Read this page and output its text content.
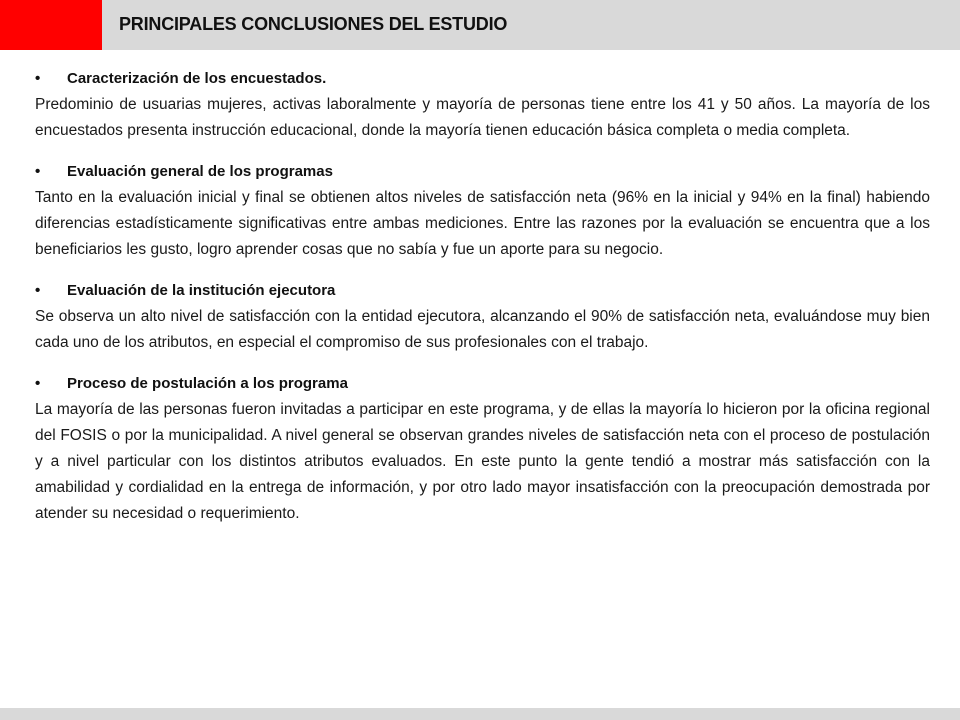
PRINCIPALES CONCLUSIONES DEL ESTUDIO

•	Caracterización de los encuestados.

Predominio de usuarias mujeres, activas laboralmente y mayoría de personas tiene entre los 41 y 50 años. La mayoría de los encuestados presenta instrucción educacional, donde la mayoría tienen educación básica completa o media completa.

•	Evaluación general de los programas

Tanto en la evaluación inicial y final se obtienen altos niveles de satisfacción neta (96% en la inicial y 94% en la final) habiendo diferencias estadísticamente significativas entre ambas mediciones. Entre las razones por la evaluación se encuentra que a los beneficiarios les gusto, logro aprender cosas que no sabía y fue un aporte para su negocio.

•	Evaluación de la institución ejecutora

Se observa un alto nivel de satisfacción con la entidad ejecutora, alcanzando el 90% de satisfacción neta, evaluándose muy bien cada uno de los atributos, en especial el compromiso de sus profesionales con el trabajo.

•	Proceso de postulación a los programa

La mayoría de las personas fueron invitadas a participar en este programa, y de ellas la mayoría lo hicieron por la oficina regional del FOSIS o por la municipalidad. A nivel general se observan grandes niveles de satisfacción neta con el proceso de postulación y a nivel particular con los distintos atributos evaluados. En este punto la gente tendió a mostrar más satisfacción con la amabilidad y cordialidad en la entrega de información, y por otro lado mayor insatisfacción con la preocupación demostrada por atender su necesidad o requerimiento.
